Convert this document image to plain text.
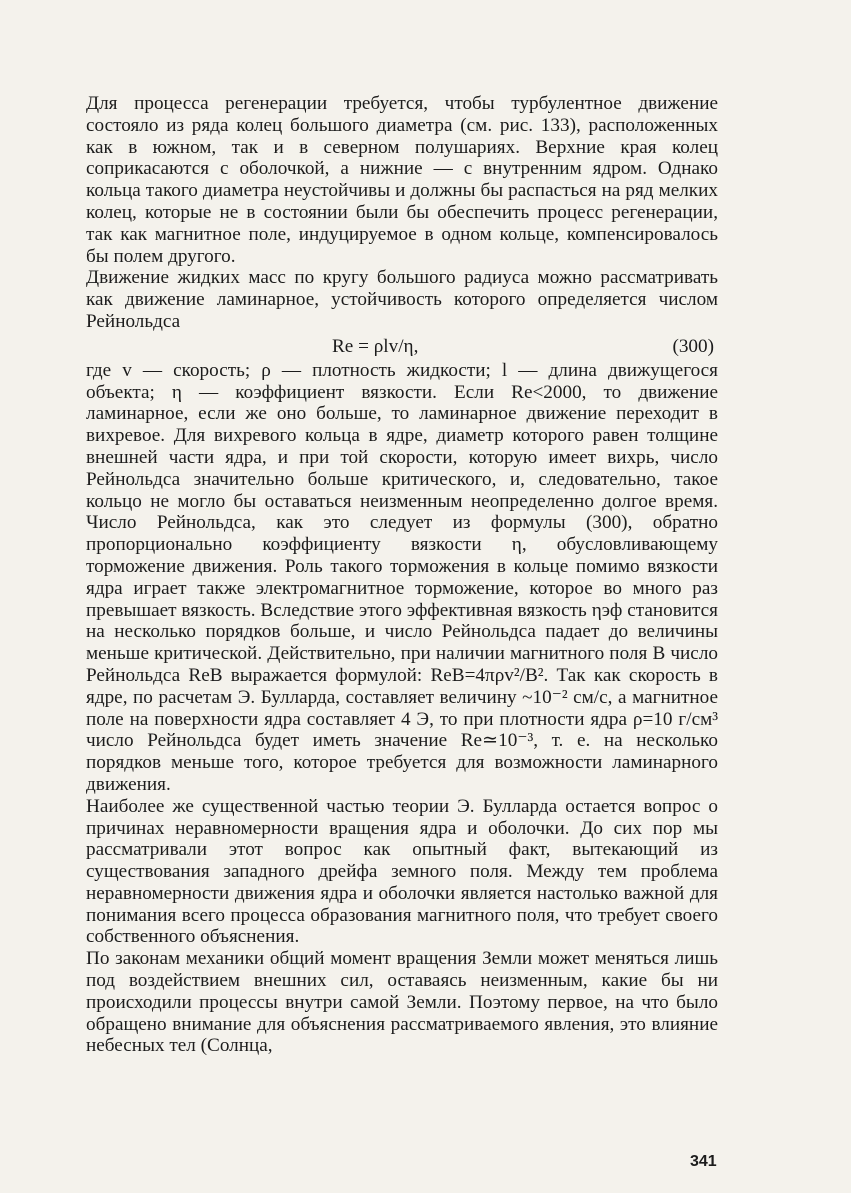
Для процесса регенерации требуется, чтобы турбулентное движение состояло из ряда колец большого диаметра (см. рис. 133), расположенных как в южном, так и в северном полушариях. Верхние края колец соприкасаются с оболочкой, а нижние — с внутренним ядром. Однако кольца такого диаметра неустойчивы и должны бы распасться на ряд мелких колец, которые не в состоянии были бы обеспечить процесс регенерации, так как магнитное поле, индуцируемое в одном кольце, компенсировалось бы полем другого.

Движение жидких масс по кругу большого радиуса можно рассматривать как движение ламинарное, устойчивость которого определяется числом Рейнольдса

Re = ρlv/η,	(300)

где v — скорость; ρ — плотность жидкости; l — длина движущегося объекта; η — коэффициент вязкости. Если Re<2000, то движение ламинарное, если же оно больше, то ламинарное движение переходит в вихревое. Для вихревого кольца в ядре, диаметр которого равен толщине внешней части ядра, и при той скорости, которую имеет вихрь, число Рейнольдса значительно больше критического, и, следовательно, такое кольцо не могло бы оставаться неизменным неопределенно долгое время. Число Рейнольдса, как это следует из формулы (300), обратно пропорционально коэффициенту вязкости η, обусловливающему торможение движения. Роль такого торможения в кольце помимо вязкости ядра играет также электромагнитное торможение, которое во много раз превышает вязкость. Вследствие этого эффективная вязкость ηэф становится на несколько порядков больше, и число Рейнольдса падает до величины меньше критической. Действительно, при наличии магнитного поля B число Рейнольдса ReB выражается формулой: ReB=4πρv²/B². Так как скорость в ядре, по расчетам Э. Булларда, составляет величину ~10⁻² см/с, а магнитное поле на поверхности ядра составляет 4 Э, то при плотности ядра ρ=10 г/см³ число Рейнольдса будет иметь значение Re≃10⁻³, т. е. на несколько порядков меньше того, которое требуется для возможности ламинарного движения.

Наиболее же существенной частью теории Э. Булларда остается вопрос о причинах неравномерности вращения ядра и оболочки. До сих пор мы рассматривали этот вопрос как опытный факт, вытекающий из существования западного дрейфа земного поля. Между тем проблема неравномерности движения ядра и оболочки является настолько важной для понимания всего процесса образования магнитного поля, что требует своего собственного объяснения.

По законам механики общий момент вращения Земли может меняться лишь под воздействием внешних сил, оставаясь неизменным, какие бы ни происходили процессы внутри самой Земли. Поэтому первое, на что было обращено внимание для объяснения рассматриваемого явления, это влияние небесных тел (Солнца,

341
